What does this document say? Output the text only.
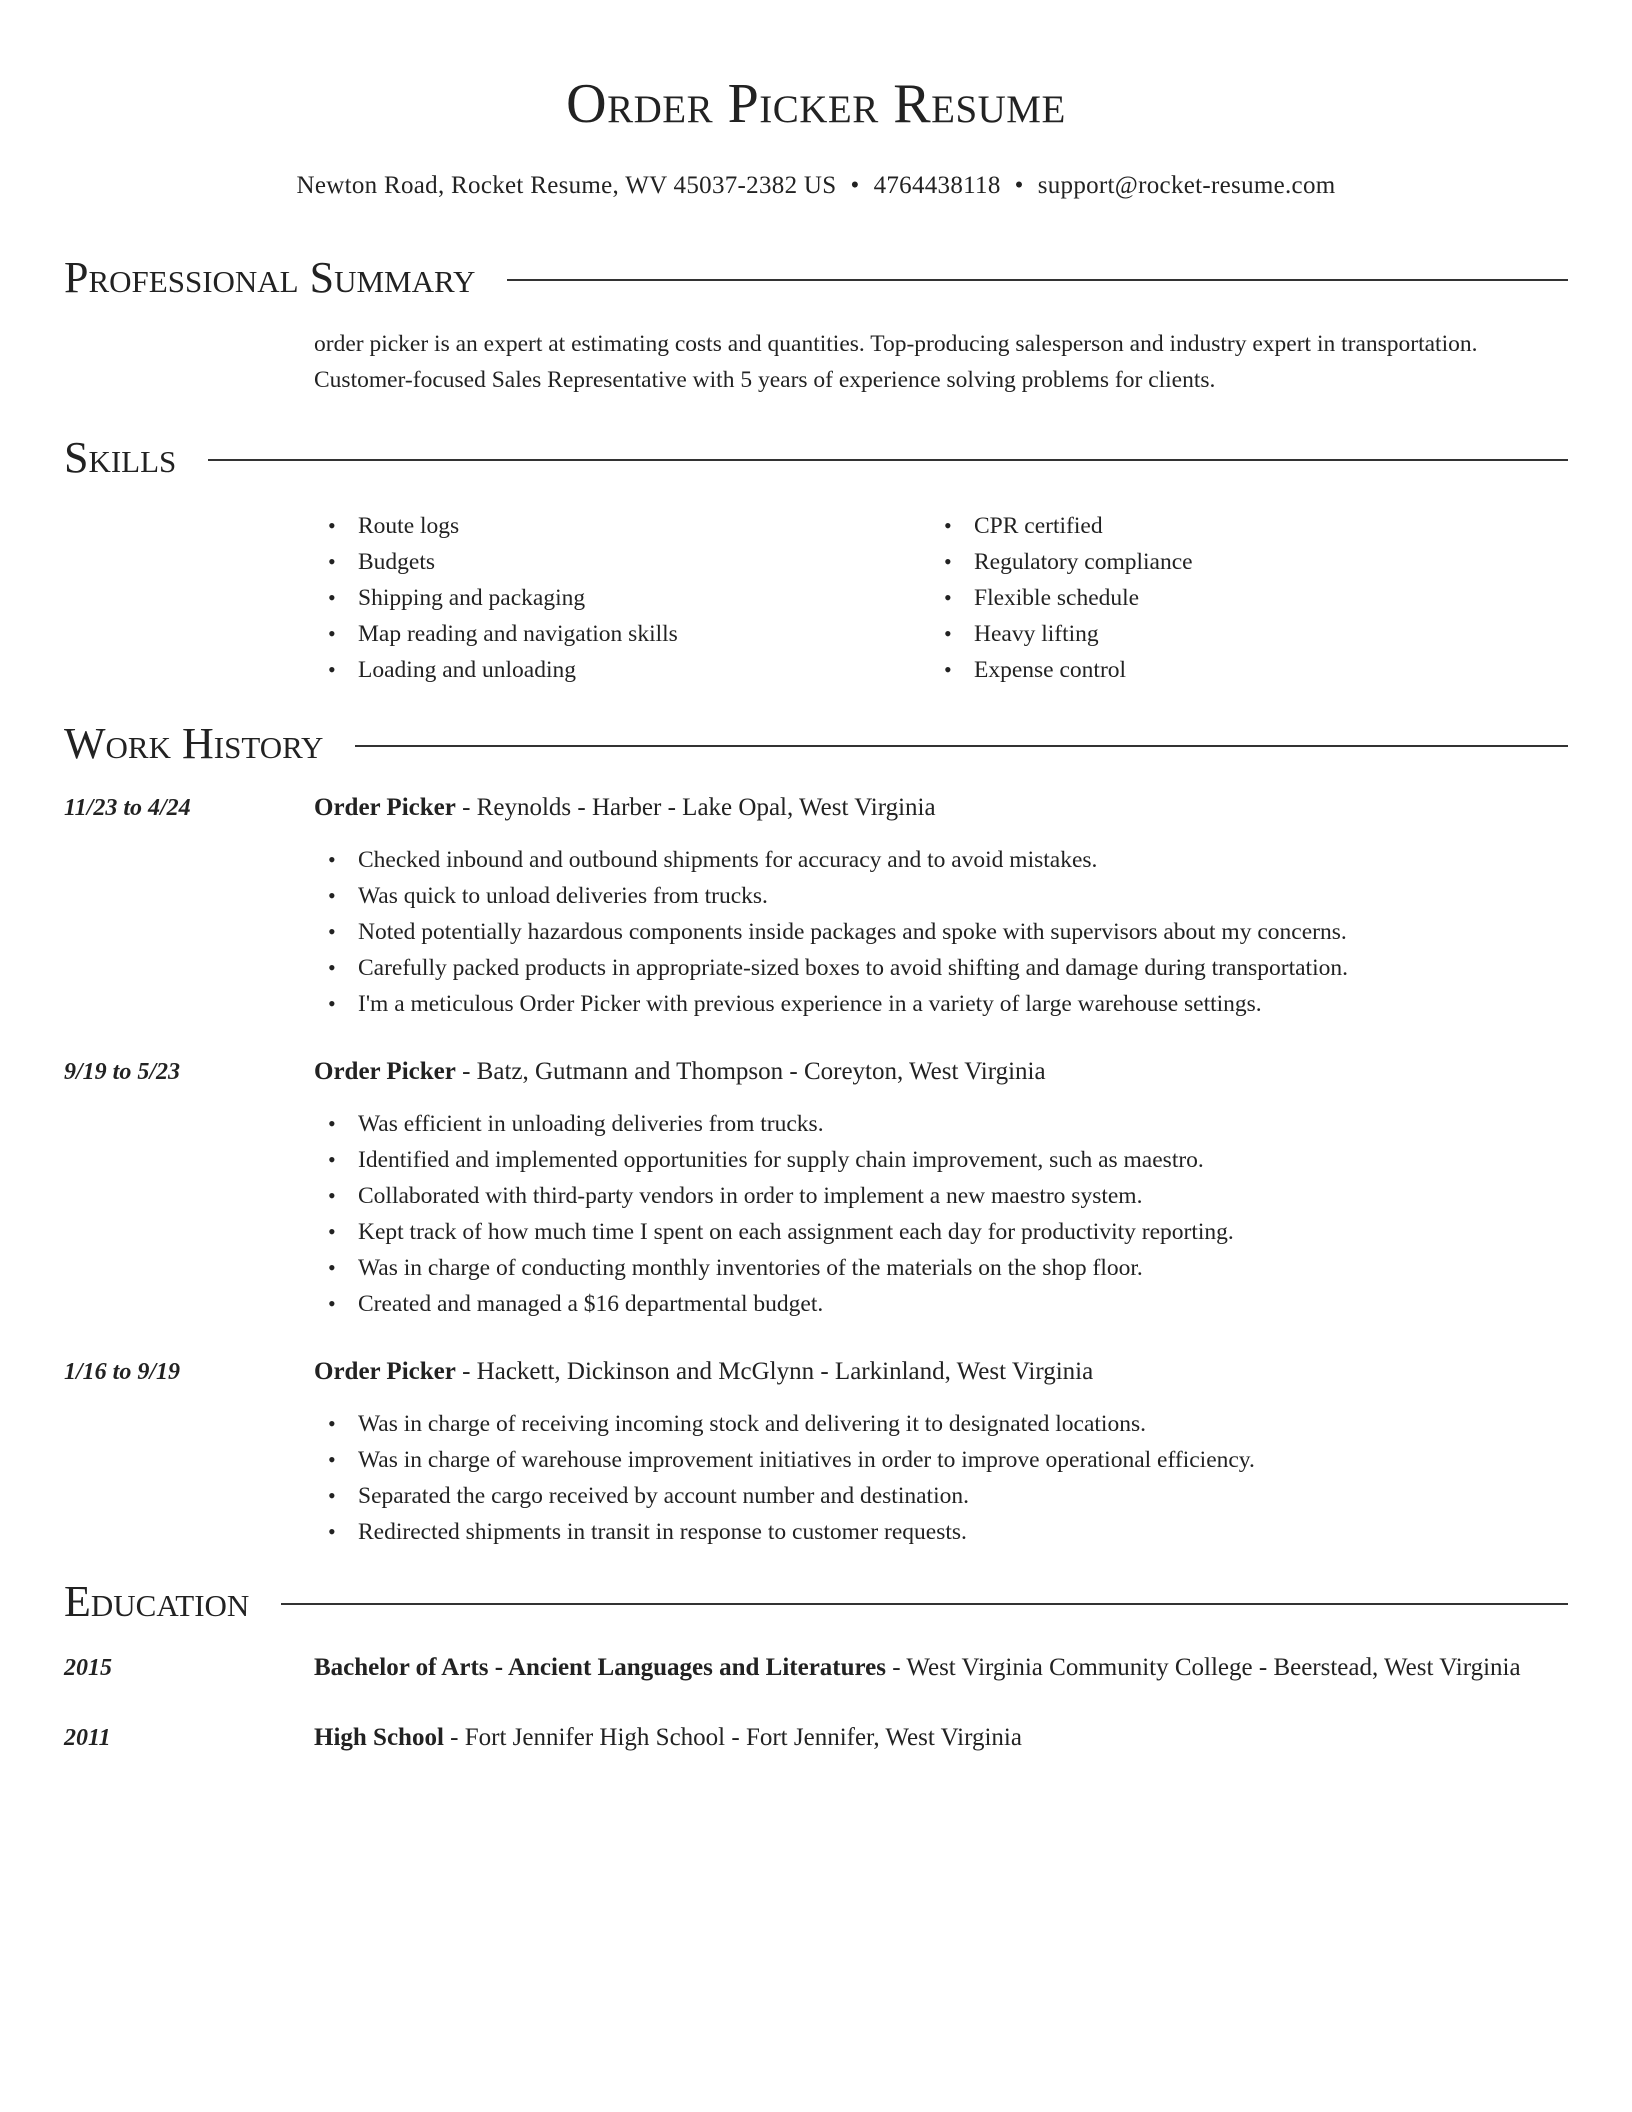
Order Picker Resume
Newton Road, Rocket Resume, WV 45037-2382 US • 4764438118 • support@rocket-resume.com
Professional Summary
order picker is an expert at estimating costs and quantities. Top-producing salesperson and industry expert in transportation. Customer-focused Sales Representative with 5 years of experience solving problems for clients.
Skills
• Route logs
• Budgets
• Shipping and packaging
• Map reading and navigation skills
• Loading and unloading
• CPR certified
• Regulatory compliance
• Flexible schedule
• Heavy lifting
• Expense control
Work History
11/23 to 4/24	Order Picker - Reynolds - Harber - Lake Opal, West Virginia
• Checked inbound and outbound shipments for accuracy and to avoid mistakes.
• Was quick to unload deliveries from trucks.
• Noted potentially hazardous components inside packages and spoke with supervisors about my concerns.
• Carefully packed products in appropriate-sized boxes to avoid shifting and damage during transportation.
• I'm a meticulous Order Picker with previous experience in a variety of large warehouse settings.
9/19 to 5/23	Order Picker - Batz, Gutmann and Thompson - Coreyton, West Virginia
• Was efficient in unloading deliveries from trucks.
• Identified and implemented opportunities for supply chain improvement, such as maestro.
• Collaborated with third-party vendors in order to implement a new maestro system.
• Kept track of how much time I spent on each assignment each day for productivity reporting.
• Was in charge of conducting monthly inventories of the materials on the shop floor.
• Created and managed a $16 departmental budget.
1/16 to 9/19	Order Picker - Hackett, Dickinson and McGlynn - Larkinland, West Virginia
• Was in charge of receiving incoming stock and delivering it to designated locations.
• Was in charge of warehouse improvement initiatives in order to improve operational efficiency.
• Separated the cargo received by account number and destination.
• Redirected shipments in transit in response to customer requests.
Education
2015	Bachelor of Arts - Ancient Languages and Literatures - West Virginia Community College - Beerstead, West Virginia
2011	High School - Fort Jennifer High School - Fort Jennifer, West Virginia
